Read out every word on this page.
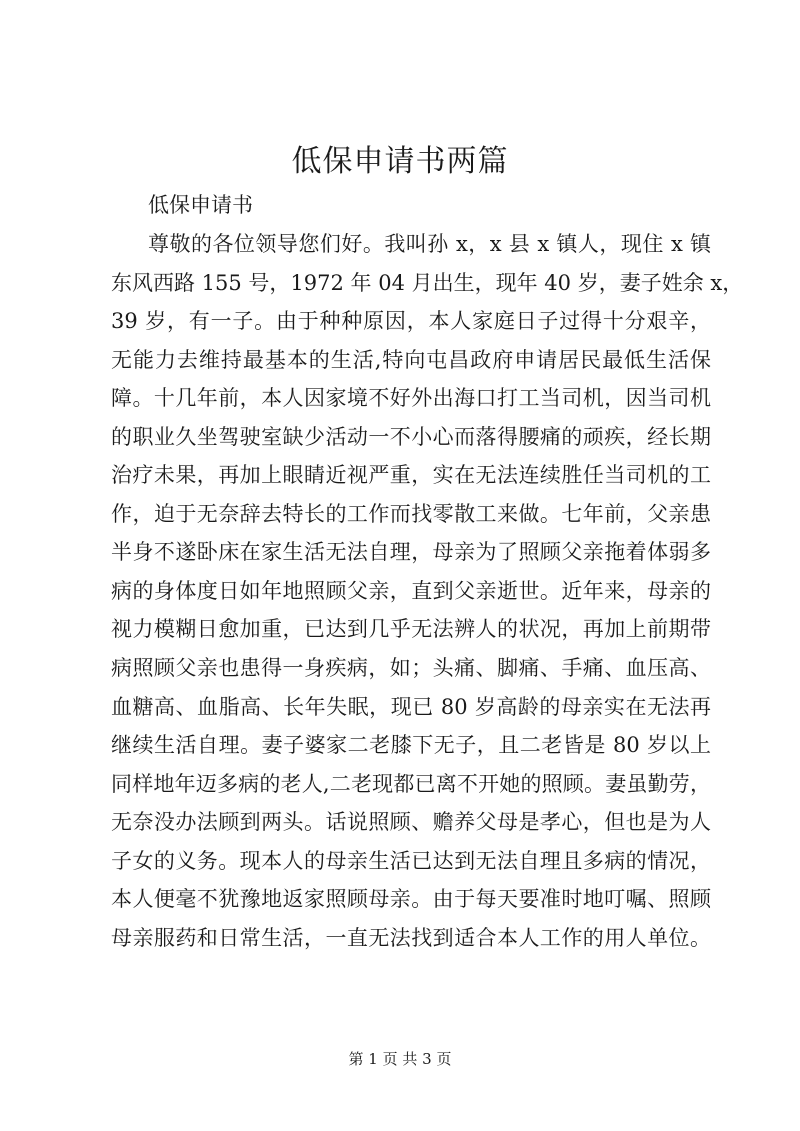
低保申请书两篇

低保申请书

尊敬的各位领导您们好。我叫孙 x，x 县 x 镇人，现住 x 镇
东风西路 155 号，1972 年 04 月出生，现年 40 岁，妻子姓余 x，
39 岁，有一子。由于种种原因，本人家庭日子过得十分艰辛，
无能力去维持最基本的生活,特向屯昌政府申请居民最低生活保
障。十几年前，本人因家境不好外出海口打工当司机，因当司机
的职业久坐驾驶室缺少活动一不小心而落得腰痛的顽疾，经长期
治疗未果，再加上眼睛近视严重，实在无法连续胜任当司机的工
作，迫于无奈辞去特长的工作而找零散工来做。七年前，父亲患
半身不遂卧床在家生活无法自理，母亲为了照顾父亲拖着体弱多
病的身体度日如年地照顾父亲，直到父亲逝世。近年来，母亲的
视力模糊日愈加重，已达到几乎无法辨人的状况，再加上前期带
病照顾父亲也患得一身疾病，如；头痛、脚痛、手痛、血压高、
血糖高、血脂高、长年失眠，现已 80 岁高龄的母亲实在无法再
继续生活自理。妻子婆家二老膝下无子，且二老皆是 80 岁以上
同样地年迈多病的老人,二老现都已离不开她的照顾。妻虽勤劳，
无奈没办法顾到两头。话说照顾、赡养父母是孝心，但也是为人
子女的义务。现本人的母亲生活已达到无法自理且多病的情况，
本人便毫不犹豫地返家照顾母亲。由于每天要准时地叮嘱、照顾
母亲服药和日常生活，一直无法找到适合本人工作的用人单位。
第 1 页 共 3 页
